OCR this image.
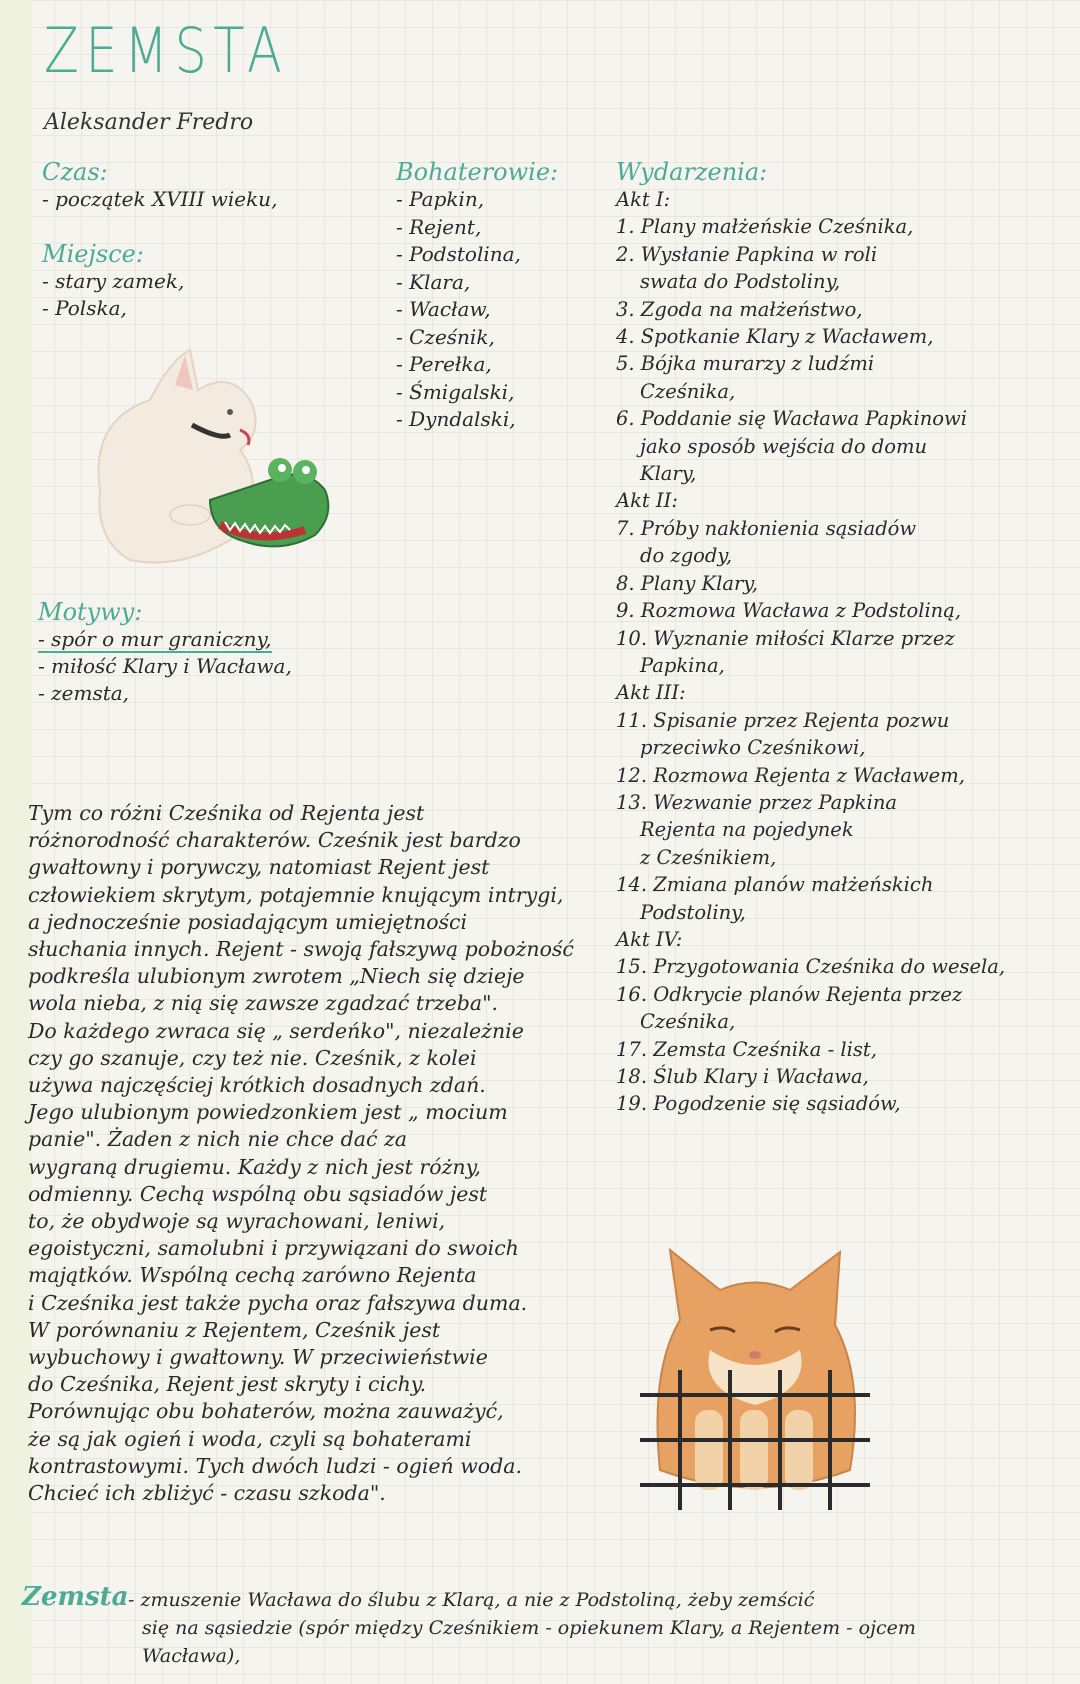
ZEMSTA
Aleksander Fredro
Czas:
- początek XVIII wieku,
Miejsce:
- stary zamek,
- Polska,
Bohaterowie:
- Papkin,
- Rejent,
- Podstolina,
- Klara,
- Wacław,
- Cześnik,
- Perełka,
- Śmigalski,
- Dyndalski,
Wydarzenia:
Akt I:
1. Plany małżeńskie Cześnika,
2. Wysłanie Papkina w roli
swata do Podstoliny,
3. Zgoda na małżeństwo,
4. Spotkanie Klary z Wacławem,
5. Bójka murarzy z ludźmi
Cześnika,
6. Poddanie się Wacława Papkinowi
jako sposób wejścia do domu
Klary,
Akt II:
7. Próby nakłonienia sąsiadów
do zgody,
8. Plany Klary,
9. Rozmowa Wacława z Podstoliną,
10. Wyznanie miłości Klarze przez
Papkina,
Akt III:
11. Spisanie przez Rejenta pozwu
przeciwko Cześnikowi,
12. Rozmowa Rejenta z Wacławem,
13. Wezwanie przez Papkina
Rejenta na pojedynek
z Cześnikiem,
14. Zmiana planów małżeńskich
Podstoliny,
Akt IV:
15. Przygotowania Cześnika do wesela,
16. Odkrycie planów Rejenta przez
Cześnika,
17. Zemsta Cześnika - list,
18. Ślub Klary i Wacława,
19. Pogodzenie się sąsiadów,
Motywy:
- spór o mur graniczny,
- miłość Klary i Wacława,
- zemsta,
Tym co różni Cześnika od Rejenta jest
różnorodność charakterów. Cześnik jest bardzo
gwałtowny i porywczy, natomiast Rejent jest
człowiekiem skrytym, potajemnie knującym intrygi,
a jednocześnie posiadającym umiejętności
słuchania innych. Rejent - swoją fałszywą pobożność
podkreśla ulubionym zwrotem „Niech się dzieje
wola nieba, z nią się zawsze zgadzać trzeba".
Do każdego zwraca się „ serdeńko", niezależnie
czy go szanuje, czy też nie. Cześnik, z kolei
używa najczęściej krótkich dosadnych zdań.
Jego ulubionym powiedzonkiem jest „ mocium
panie". Żaden z nich nie chce dać za
wygraną drugiemu. Każdy z nich jest różny,
odmienny. Cechą wspólną obu sąsiadów jest
to, że obydwoje są wyrachowani, leniwi,
egoistyczni, samolubni i przywiązani do swoich
majątków. Wspólną cechą zarówno Rejenta
i Cześnika jest także pycha oraz fałszywa duma.
W porównaniu z Rejentem, Cześnik jest
wybuchowy i gwałtowny. W przeciwieństwie
do Cześnika, Rejent jest skryty i cichy.
Porównując obu bohaterów, można zauważyć,
że są jak ogień i woda, czyli są bohaterami
kontrastowymi. Tych dwóch ludzi - ogień woda.
Chcieć ich zbliżyć - czasu szkoda".
Zemsta - zmuszenie Wacława do ślubu z Klarą, a nie z Podstoliną, żeby zemścić
się na sąsiedzie (spór między Cześnikiem - opiekunem Klary, a Rejentem - ojcem
Wacława),
